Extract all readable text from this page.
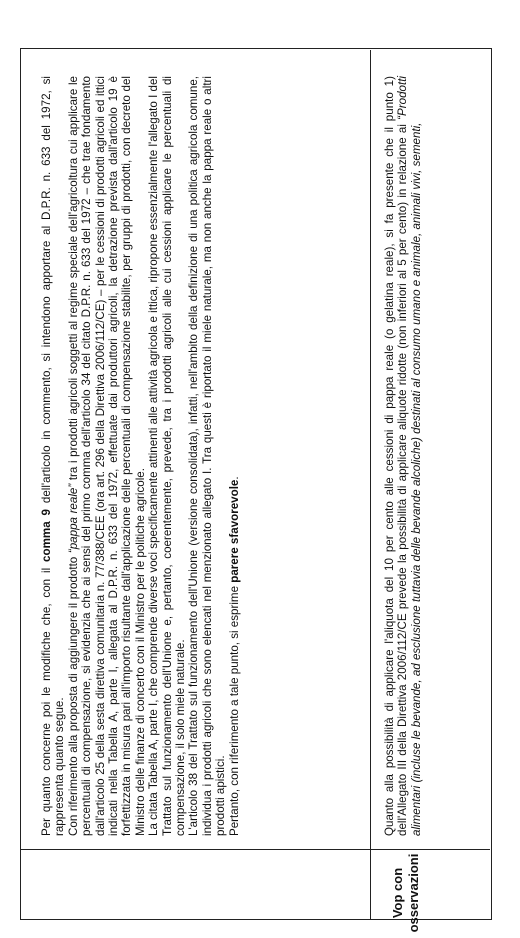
Per quanto concerne poi le modifiche che, con il comma 9 dell'articolo in commento, si intendono apportare al D.P.R. n. 633 del 1972, si rappresenta quanto segue. Con riferimento alla proposta di aggiungere il prodotto “pappa reale” tra i prodotti agricoli soggetti al regime speciale dell'agricoltura cui applicare le percentuali di compensazione, si evidenzia che ai sensi del primo comma dell'articolo 34 del citato D.P.R. n. 633 del 1972 – che trae fondamento dall'articolo 25 della sesta direttiva comunitaria n. 77/388/CEE (ora art. 296 della Direttiva 2006/112/CE) – per le cessioni di prodotti agricoli ed ittici indicati nella Tabella A, parte I, allegata al D.P.R. n. 633 del 1972, effettuate dai produttori agricoli, la detrazione prevista dall'articolo 19 è forfettizzata in misura pari all'importo risultante dall'applicazione delle percentuali di compensazione stabilite, per gruppi di prodotti, con decreto del Ministro delle finanze di concerto con il Ministro per le politiche agricole. La citata Tabella A, parte I, che comprende diverse voci specificamente attinenti alle attività agricola e ittica, ripropone essenzialmente l'allegato I del Trattato sul funzionamento dell'Unione e, pertanto, coerentemente, prevede, tra i prodotti agricoli alle cui cessioni applicare le percentuali di compensazione, il solo miele naturale. L'articolo 38 del Trattato sul funzionamento dell'Unione (versione consolidata), infatti, nell'ambito della definizione di una politica agricola comune, individua i prodotti agricoli che sono elencati nel menzionato allegato I. Tra questi è riportato il miele naturale, ma non anche la pappa reale o altri prodotti apistici. Pertanto, con riferimento a tale punto, si esprime parere sfavorevole.

Vop con osservazioni

Quanto alla possibilità di applicare l'aliquota del 10 per cento alle cessioni di pappa reale (o gelatina reale), si fa presente che il punto 1) dell'Allegato III della Direttiva 2006/112/CE prevede la possibilità di applicare aliquote ridotte (non inferiori al 5 per cento) in relazione ai “Prodotti alimentari (incluse le bevande, ad esclusione tuttavia delle bevande alcoliche) destinati al consumo umano e animale, animali vivi, sementi,
